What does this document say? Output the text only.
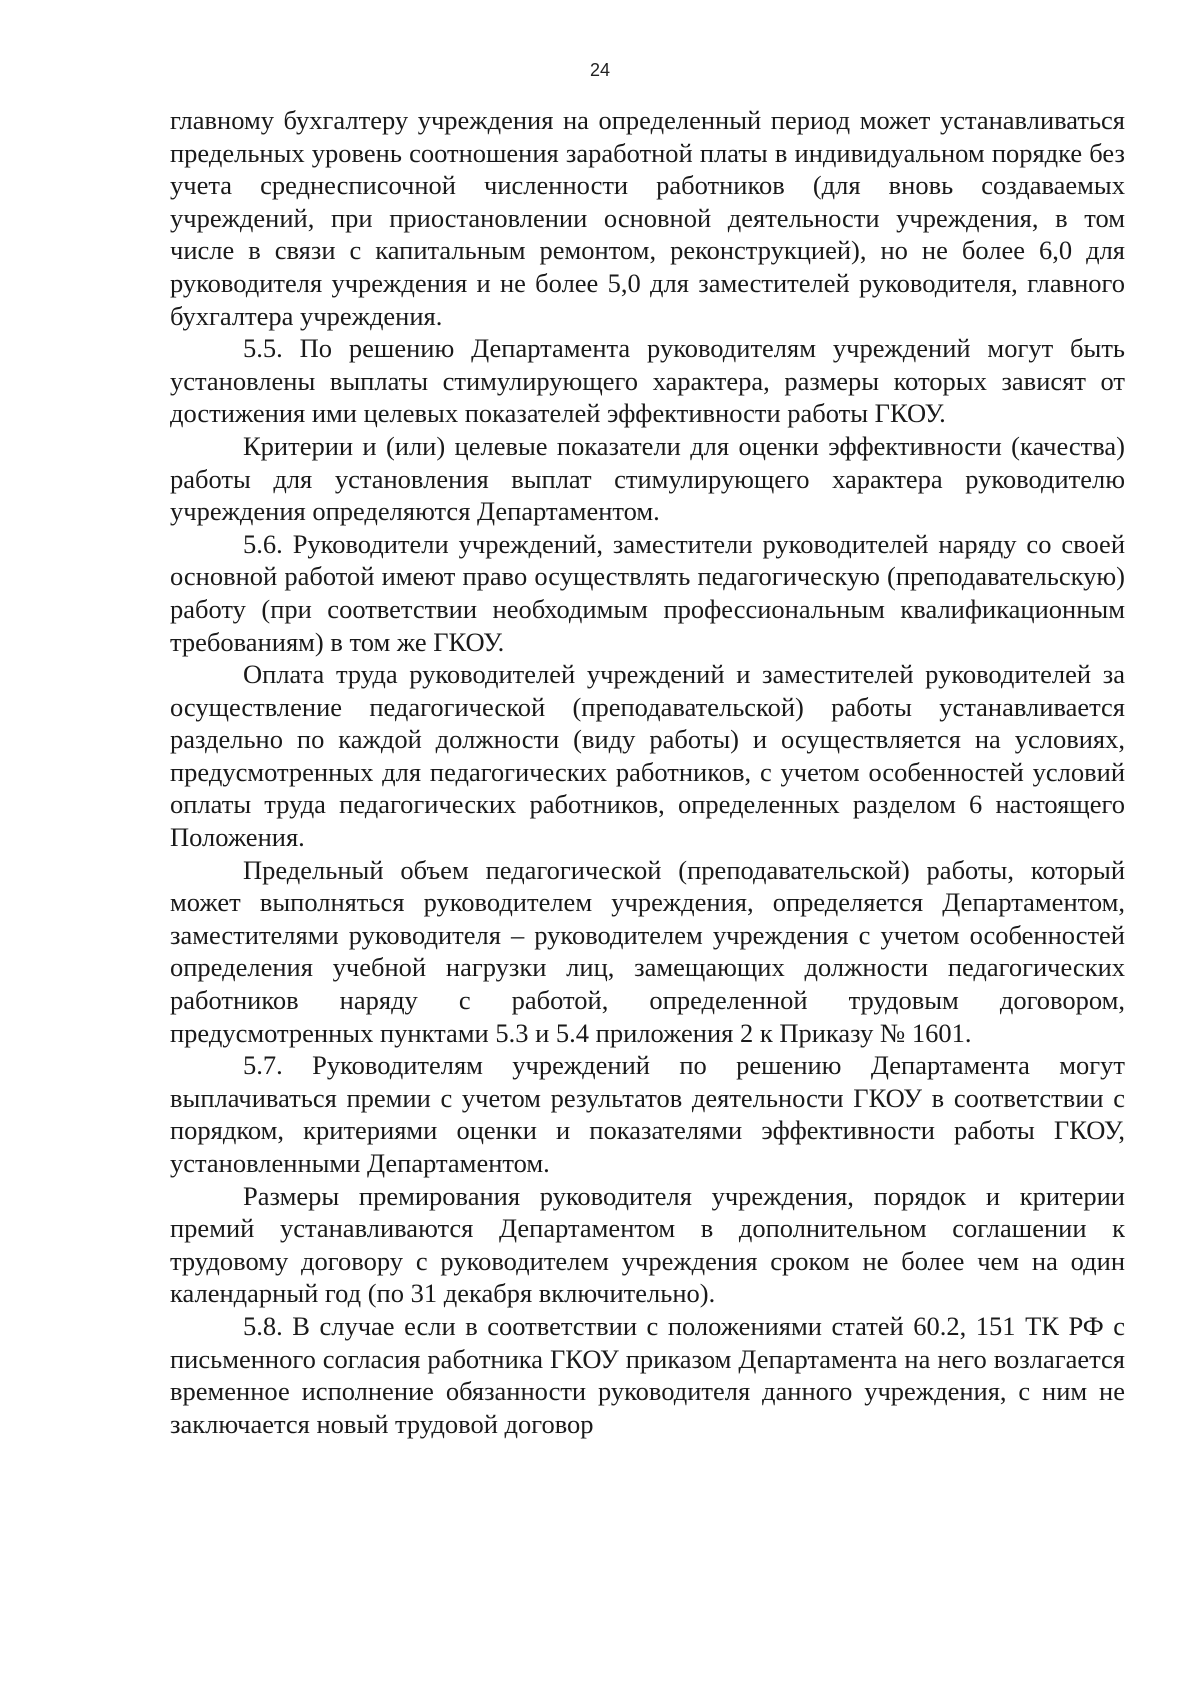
24

главному бухгалтеру учреждения на определенный период может устанавливаться предельных уровень соотношения заработной платы в индивидуальном порядке без учета среднесписочной численности работников (для вновь создаваемых учреждений, при приостановлении основной деятельности учреждения, в том числе в связи с капитальным ремонтом, реконструкцией), но не более 6,0 для руководителя учреждения и не более 5,0 для заместителей руководителя, главного бухгалтера учреждения.

5.5. По решению Департамента руководителям учреждений могут быть установлены выплаты стимулирующего характера, размеры которых зависят от достижения ими целевых показателей эффективности работы ГКОУ.

Критерии и (или) целевые показатели для оценки эффективности (качества) работы для установления выплат стимулирующего характера руководителю учреждения определяются Департаментом.

5.6. Руководители учреждений, заместители руководителей наряду со своей основной работой имеют право осуществлять педагогическую (преподавательскую) работу (при соответствии необходимым профессиональным квалификационным требованиям) в том же ГКОУ.

Оплата труда руководителей учреждений и заместителей руководителей за осуществление педагогической (преподавательской) работы устанавливается раздельно по каждой должности (виду работы) и осуществляется на условиях, предусмотренных для педагогических работников, с учетом особенностей условий оплаты труда педагогических работников, определенных разделом 6 настоящего Положения.

Предельный объем педагогической (преподавательской) работы, который может выполняться руководителем учреждения, определяется Департаментом, заместителями руководителя – руководителем учреждения с учетом особенностей определения учебной нагрузки лиц, замещающих должности педагогических работников наряду с работой, определенной трудовым договором, предусмотренных пунктами 5.3 и 5.4 приложения 2 к Приказу № 1601.

5.7. Руководителям учреждений по решению Департамента могут выплачиваться премии с учетом результатов деятельности ГКОУ в соответствии с порядком, критериями оценки и показателями эффективности работы ГКОУ, установленными Департаментом.

Размеры премирования руководителя учреждения, порядок и критерии премий устанавливаются Департаментом в дополнительном соглашении к трудовому договору с руководителем учреждения сроком не более чем на один календарный год (по 31 декабря включительно).

5.8. В случае если в соответствии с положениями статей 60.2, 151 ТК РФ с письменного согласия работника ГКОУ приказом Департамента на него возлагается временное исполнение обязанности руководителя данного учреждения, с ним не заключается новый трудовой договор
